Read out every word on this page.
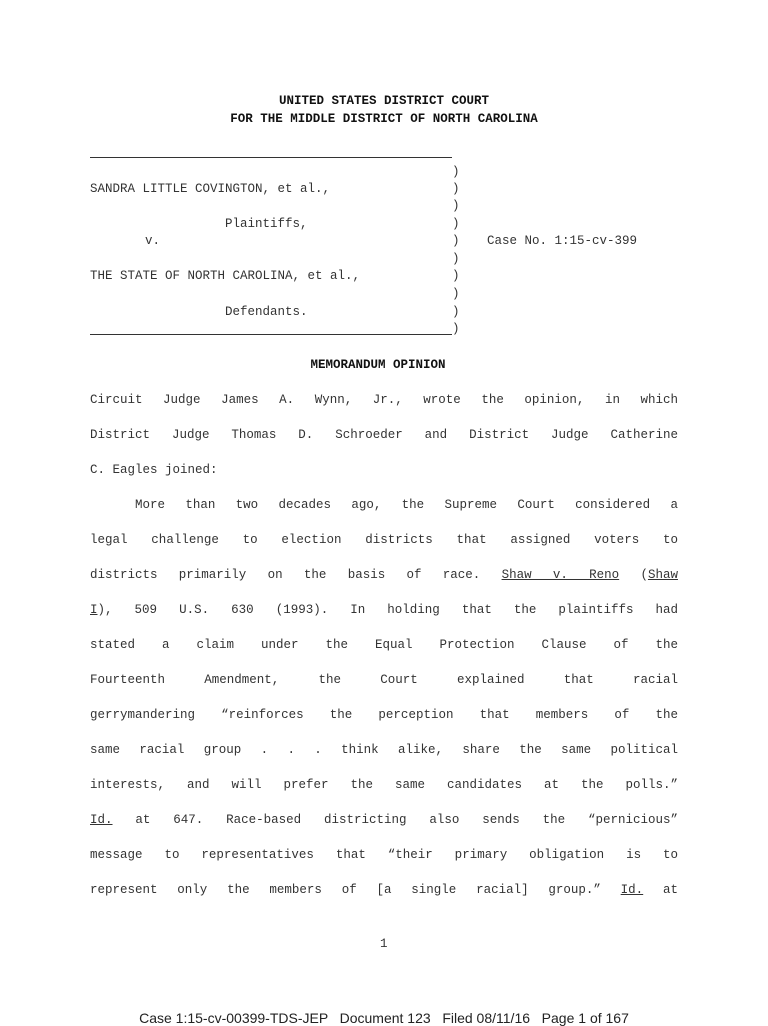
UNITED STATES DISTRICT COURT
FOR THE MIDDLE DISTRICT OF NORTH CAROLINA
)
)
)
)
)
)
)
)
)
)
SANDRA LITTLE COVINGTON, et al.,
Plaintiffs,
v.
THE STATE OF NORTH CAROLINA, et al.,
Defendants.
Case No. 1:15-cv-399
MEMORANDUM OPINION
Circuit Judge James A. Wynn, Jr., wrote the opinion, in which
District Judge Thomas D. Schroeder and District Judge Catherine
C. Eagles joined:
More than two decades ago, the Supreme Court considered a
legal challenge to election districts that assigned voters to
districts primarily on the basis of race. Shaw v. Reno (Shaw
I), 509 U.S. 630 (1993). In holding that the plaintiffs had
stated a claim under the Equal Protection Clause of the
Fourteenth Amendment, the Court explained that racial
gerrymandering “reinforces the perception that members of the
same racial group . . . think alike, share the same political
interests, and will prefer the same candidates at the polls.”
Id. at 647. Race-based districting also sends the “pernicious”
message to representatives that “their primary obligation is to
represent only the members of [a single racial] group.” Id. at
1
Case 1:15-cv-00399-TDS-JEP   Document 123   Filed 08/11/16   Page 1 of 167
